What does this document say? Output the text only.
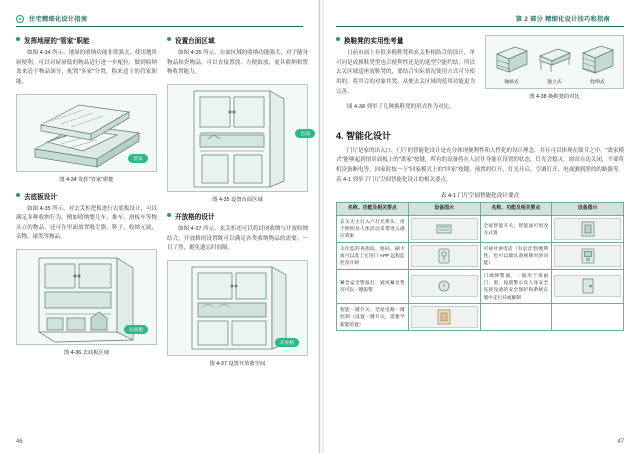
住宅精细化设计指南
发挥地屉的"管家"职能

如图 4-34 所示，地屉的收纳功能非常强大，使用地块屉便利，可以对屉屉低的物品适行进一步配位，做到收纳盖来适于物品颂分，配置"多家"分置，称来适于的管家职能。

管家

图 4-34 发挥"管家"职能

去底板设计

如图 4-35 所示，对去关柜把板进行去底板设计，可以满足多种收纳行为，例如收纳婴儿车、推车、滑板车等物头立的物品，还可在里面放置吸尘器、鞋子、收纳元属、杂物、球类等物品。

去底板

图 4-36 去底板区域

设置台面区域

如图 4-35 所示，台面区域的收纳功能强大，对于随身物品和贵物品，可以直接置放、方便取放，更具收纳和置物收置能力。

台面

图 4-35 设置台面区域

开放格的设计

如图 4-37 所示，玄关柜还可以将封闭收纳与开放收纳结合，开放格的设置既可以满足各类收纳物品的需要，一目了然，避免遗忘时间隔。

开放格

图 4-37 设置开放收空间

46
第 2 部分 精细化设计技巧和指南
换鞋凳的实用性考量

日前市面上有很多换鞋凳和玄关柜相结合的设计，单可同是成换鞋凳型也合便利性还是的选型空能约结，所以去关区域适座放鞋凳的，要结合实际情况使用方式可分使用的，将其合的对象其凳，从便去关区域的使用功能更为完善。

图 4-38 列举了几种换鞋凳的形式作为对比。

抽屉式	独立式	收纳式

图 4-38 换鞋凳的对比

4. 智能化设计

门厅是家的出入口，门厅的智能化设计是充分体现便利性和人性化的设计理念，并且可以体现在细节之中。"离家模式"能够起到情景面板上的"离家"按键，所有的设备将在人居住身能在设置的状态，灯光会熄灭，窗帘自动关闭，不要将机设备断电等，回家时按一下"回家模式上的"回家"按键，预置的灯开，灯光开启、空调打开、电视测到照的的路器等。表 4-1 列举了门厅空间智能化设计的相关要点。

表 4-1 门厅空间智能化设计要点
名称、功能及相关要点	设备图示	名称、功能及相关要点	设备图示
玄关无主灯入户灯光系头、用于照明及人体活动采带进入感应效果		全屋智能开关，智能面可更改方式置	

关住监的查指纹、密码、刷卡或可以选上它进门 APP 远程监控及开锁		可视对讲电话（有语音型/便利性，也可以端具备视频对讲功能）	

紧急安全警报灯、通风紧急售况可以一键报警		门端弹警器，一般用于保函门、窗、按置警示及人身安全连接设备的安全保护和系统在墙中走行开或解制	

智能一键开关、全屋电路一键控制（设置一键开关，需要学新能的置）	

47
